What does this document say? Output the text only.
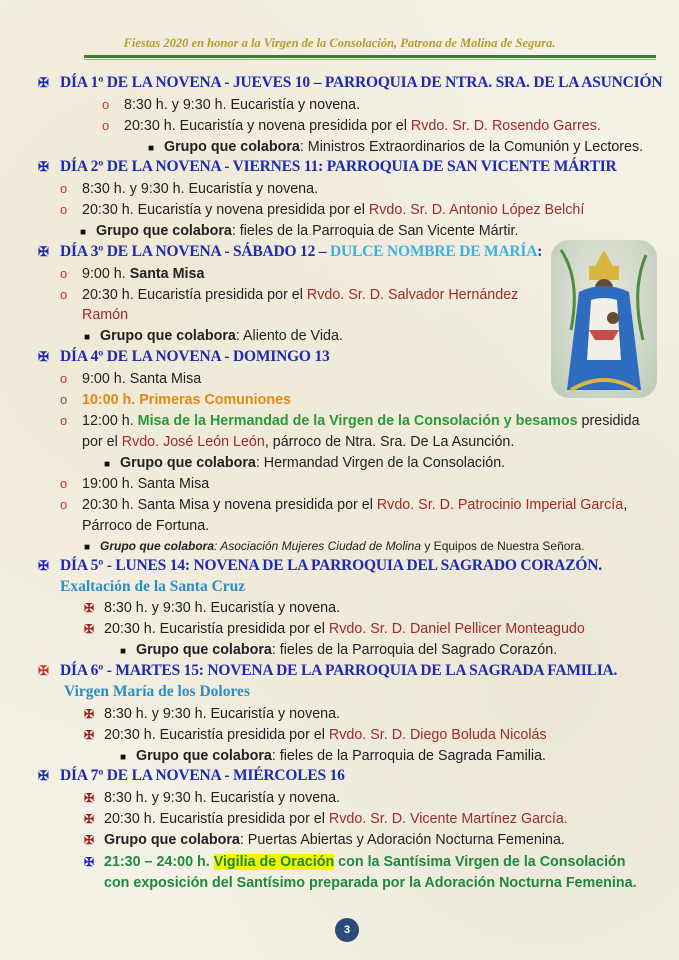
Fiestas 2020 en honor a la Virgen de la Consolación, Patrona de Molina de Segura.
✠ DÍA 1º DE LA NOVENA - JUEVES 10 – PARROQUIA DE NTRA. SRA. DE LA ASUNCIÓN
o 8:30 h. y 9:30 h. Eucaristía y novena.
o 20:30 h. Eucaristía y novena presidida por el Rvdo. Sr. D. Rosendo Garres.
■ Grupo que colabora: Ministros Extraordinarios de la Comunión y Lectores.
✠ DÍA 2º DE LA NOVENA - VIERNES 11: PARROQUIA DE SAN VICENTE MÁRTIR
o 8:30 h. y 9:30 h. Eucaristía y novena.
o 20:30 h. Eucaristía y novena presidida por el Rvdo. Sr. D. Antonio López Belchí
■ Grupo que colabora: fieles de la Parroquia de San Vicente Mártir.
✠ DÍA 3º DE LA NOVENA - SÁBADO 12 – DULCE NOMBRE DE MARÍA:
o 9:00 h. Santa Misa
o 20:30 h. Eucaristía presidida por el Rvdo. Sr. D. Salvador Hernández
Ramón
■ Grupo que colabora: Aliento de Vida.
✠ DÍA 4º DE LA NOVENA - DOMINGO 13
o 9:00 h. Santa Misa
o 10:00 h. Primeras Comuniones
o 12:00 h. Misa de la Hermandad de la Virgen de la Consolación y besamos presidida
por el Rvdo. José León León, párroco de Ntra. Sra. De La Asunción.
■ Grupo que colabora: Hermandad Virgen de la Consolación.
o 19:00 h. Santa Misa
o 20:30 h. Santa Misa y novena presidida por el Rvdo. Sr. D. Patrocinio Imperial García,
Párroco de Fortuna.
■ Grupo que colabora: Asociación Mujeres Ciudad de Molina y Equipos de Nuestra Señora.
✠ DÍA 5º - LUNES 14: NOVENA DE LA PARROQUIA DEL SAGRADO CORAZÓN.
Exaltación de la Santa Cruz
✠ 8:30 h. y 9:30 h. Eucaristía y novena.
✠ 20:30 h. Eucaristía presidida por el Rvdo. Sr. D. Daniel Pellicer Monteagudo
■ Grupo que colabora: fieles de la Parroquia del Sagrado Corazón.
✠ DÍA 6º - MARTES 15: NOVENA DE LA PARROQUIA DE LA SAGRADA FAMILIA.
Virgen María de los Dolores
✠ 8:30 h. y 9:30 h. Eucaristía y novena.
✠ 20:30 h. Eucaristía presidida por el Rvdo. Sr. D. Diego Boluda Nicolás
■ Grupo que colabora: fieles de la Parroquia de Sagrada Familia.
✠ DÍA 7º DE LA NOVENA - MIÉRCOLES 16
✠ 8:30 h. y 9:30 h. Eucaristía y novena.
✠ 20:30 h. Eucaristía presidida por el Rvdo. Sr. D. Vicente Martínez García.
✠ Grupo que colabora: Puertas Abiertas y Adoración Nocturna Femenina.
✠ 21:30 – 24:00 h. Vigilia de Oración con la Santísima Virgen de la Consolación
con exposición del Santísimo preparada por la Adoración Nocturna Femenina.
3
